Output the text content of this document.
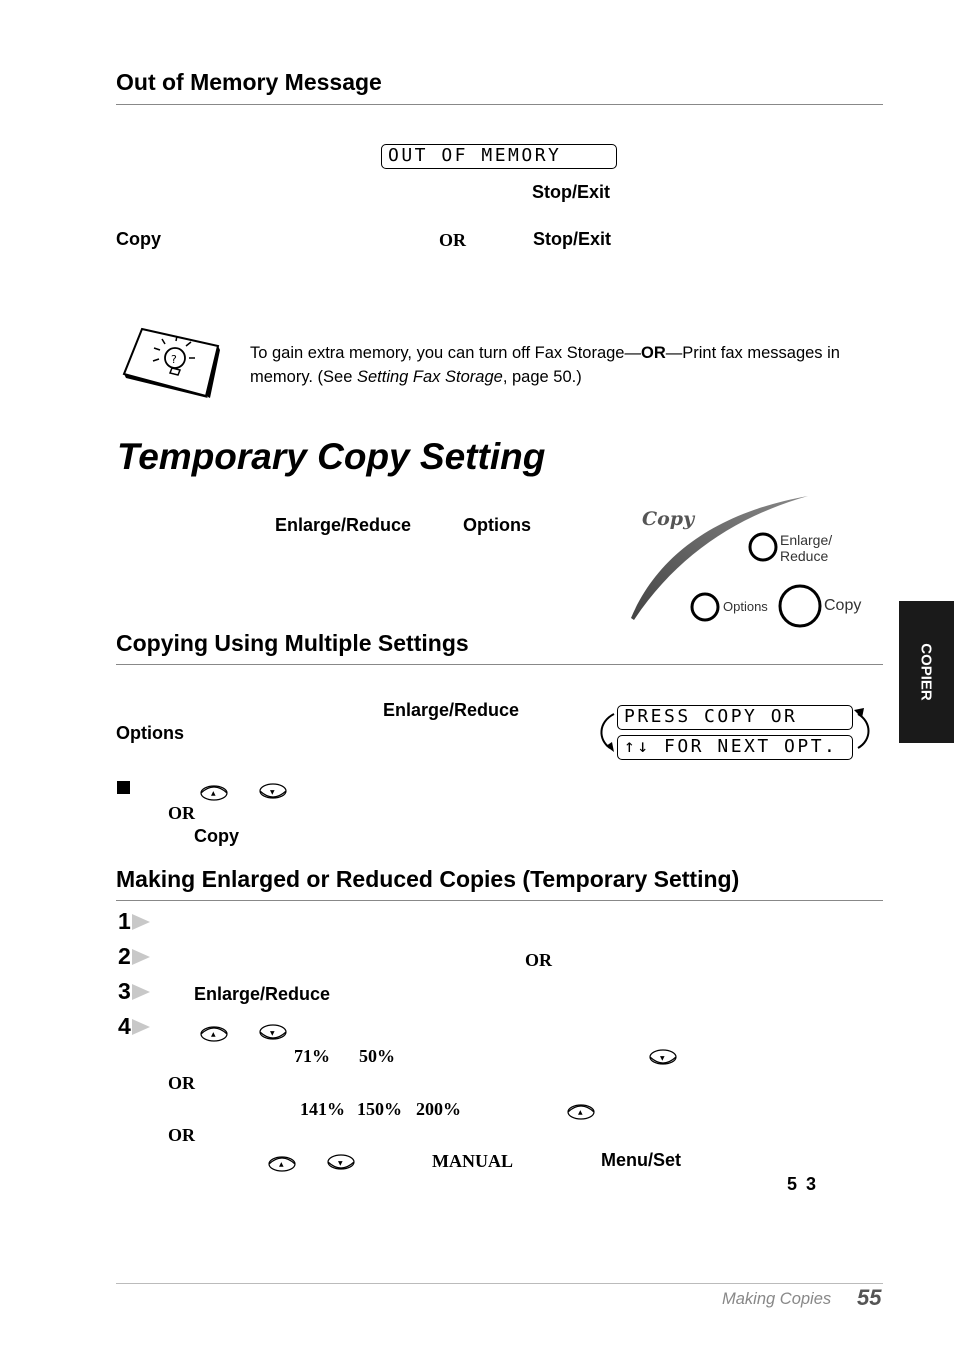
Out of Memory Message
OUT OF MEMORY
Stop/Exit
Copy	OR	Stop/Exit
?	To gain extra memory, you can turn off Fax Storage—OR—Print fax messages in
memory. (See Setting Fax Storage, page 50.)
Temporary Copy Setting
Enlarge/Reduce	Options	Copy
Enlarge/
Reduce
Options	Copy
Copying Using Multiple Settings
Enlarge/Reduce
Options
PRESS COPY OR
↑↓ FOR NEXT OPT.
▲	▼
OR
Copy
Making Enlarged or Reduced Copies (Temporary Setting)
1
2
3
4
OR
Enlarge/Reduce
▲	▼
71% 50%	▼
OR
141% 150% 200%	▲
OR
▲	▼	MANUAL	Menu/Set
5 3
COPIER
Making Copies 55
